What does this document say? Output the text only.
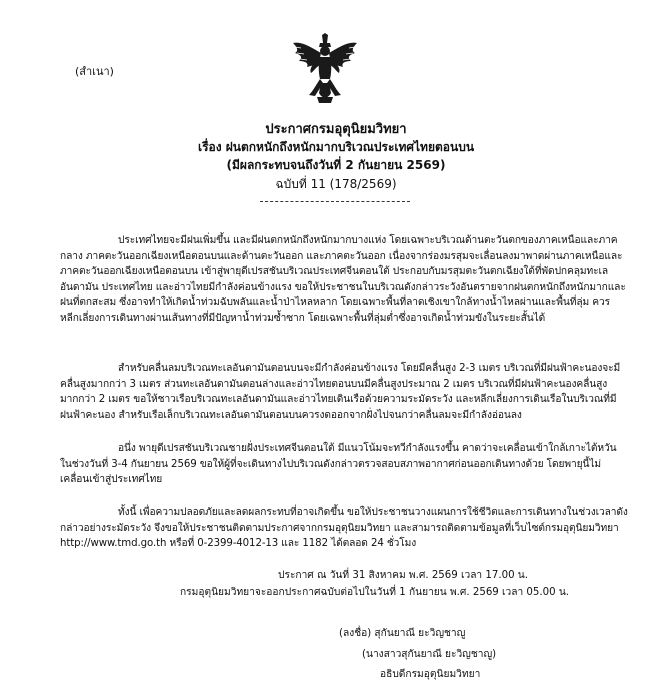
(สำเนา)
ประกาศกรมอุตุนิยมวิทยา
เรื่อง ฝนตกหนักถึงหนักมากบริเวณประเทศไทยตอนบน
(มีผลกระทบจนถึงวันที่ 2 กันยายน 2569)
ฉบับที่ 11 (178/2569)
ประเทศไทยจะมีฝนเพิ่มขึ้น และมีฝนตกหนักถึงหนักมากบางแห่ง โดยเฉพาะบริเวณด้านตะวันตกของภาคเหนือและภาคกลาง ภาคตะวันออกเฉียงเหนือตอนบนและด้านตะวันออก และภาคตะวันออก เนื่องจากร่องมรสุมจะเลื่อนลงมาพาดผ่านภาคเหนือและภาคตะวันออกเฉียงเหนือตอนบน เข้าสู่พายุดีเปรสชันบริเวณประเทศจีนตอนใต้ ประกอบกับมรสุมตะวันตกเฉียงใต้ที่พัดปกคลุมทะเลอันดามัน ประเทศไทย และอ่าวไทยมีกำลังค่อนข้างแรง ขอให้ประชาชนในบริเวณดังกล่าวระวังอันตรายจากฝนตกหนักถึงหนักมากและฝนที่ตกสะสม ซึ่งอาจทำให้เกิดน้ำท่วมฉับพลันและน้ำป่าไหลหลาก โดยเฉพาะพื้นที่ลาดเชิงเขาใกล้ทางน้ำไหลผ่านและพื้นที่ลุ่ม ควรหลีกเลี่ยงการเดินทางผ่านเส้นทางที่มีปัญหาน้ำท่วมซ้ำซาก โดยเฉพาะพื้นที่ลุ่มต่ำซึ่งอาจเกิดน้ำท่วมขังในระยะสั้นได้
สำหรับคลื่นลมบริเวณทะเลอันดามันตอนบนจะมีกำลังค่อนข้างแรง โดยมีคลื่นสูง 2-3 เมตร บริเวณที่มีฝนฟ้าคะนองจะมีคลื่นสูงมากกว่า 3 เมตร ส่วนทะเลอันดามันตอนล่างและอ่าวไทยตอนบนมีคลื่นสูงประมาณ 2 เมตร บริเวณที่มีฝนฟ้าคะนองคลื่นสูงมากกว่า 2 เมตร ขอให้ชาวเรือบริเวณทะเลอันดามันและอ่าวไทยเดินเรือด้วยความระมัดระวัง และหลีกเลี่ยงการเดินเรือในบริเวณที่มีฝนฟ้าคะนอง สำหรับเรือเล็กบริเวณทะเลอันดามันตอนบนควรงดออกจากฝั่งไปจนกว่าคลื่นลมจะมีกำลังอ่อนลง
อนึ่ง พายุดีเปรสชันบริเวณชายฝั่งประเทศจีนตอนใต้ มีแนวโน้มจะทวีกำลังแรงขึ้น คาดว่าจะเคลื่อนเข้าใกล้เกาะไต้หวันในช่วงวันที่ 3-4 กันยายน 2569 ขอให้ผู้ที่จะเดินทางไปบริเวณดังกล่าวตรวจสอบสภาพอากาศก่อนออกเดินทางด้วย โดยพายุนี้ไม่เคลื่อนเข้าสู่ประเทศไทย
ทั้งนี้ เพื่อความปลอดภัยและลดผลกระทบที่อาจเกิดขึ้น ขอให้ประชาชนวางแผนการใช้ชีวิตและการเดินทางในช่วงเวลาดังกล่าวอย่างระมัดระวัง จึงขอให้ประชาชนติดตามประกาศจากกรมอุตุนิยมวิทยา และสามารถติดตามข้อมูลที่เว็บไซต์กรมอุตุนิยมวิทยา http://www.tmd.go.th หรือที่ 0-2399-4012-13 และ 1182 ได้ตลอด 24 ชั่วโมง
ประกาศ ณ วันที่ 31 สิงหาคม พ.ศ. 2569 เวลา 17.00 น.
กรมอุตุนิยมวิทยาจะออกประกาศฉบับต่อไปในวันที่ 1 กันยายน พ.ศ. 2569 เวลา 05.00 น.
(ลงชื่อ) สุกันยาณี ยะวิญชาญู
(นางสาวสุกันยาณี ยะวิญชาญู)
อธิบดีกรมอุตุนิยมวิทยา
